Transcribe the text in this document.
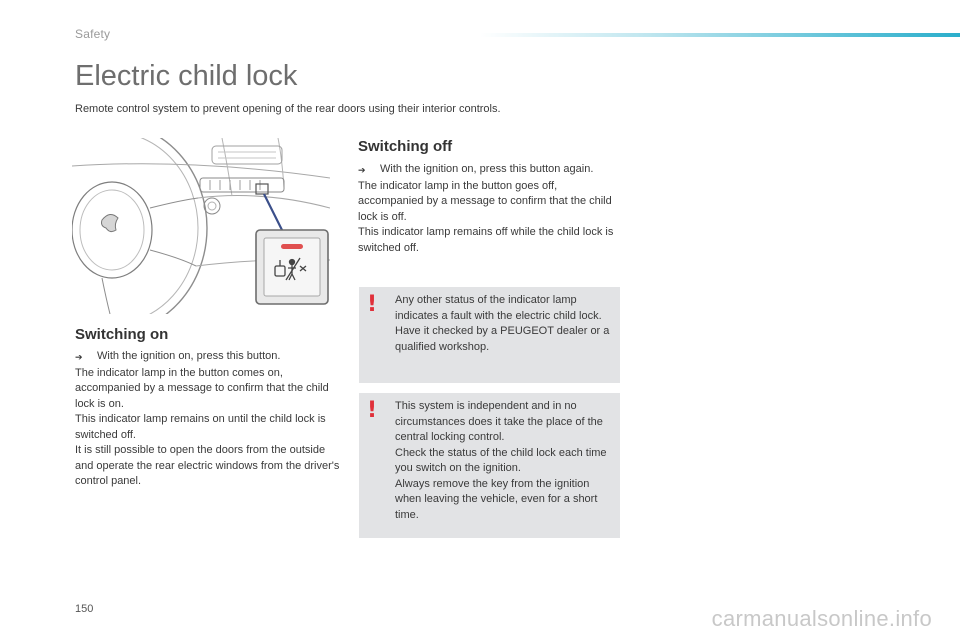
Safety
Electric child lock
Remote control system to prevent opening of the rear doors using their interior controls.
Switching on
➔	With the ignition on, press this button.

The indicator lamp in the button comes on, accompanied by a message to confirm that the child lock is on.

This indicator lamp remains on until the child lock is switched off.

It is still possible to open the doors from the outside and operate the rear electric windows from the driver's control panel.

Switching off
➔	With the ignition on, press this button again.

The indicator lamp in the button goes off, accompanied by a message to confirm that the child lock is off.

This indicator lamp remains off while the child lock is switched off.

! Any other status of the indicator lamp indicates a fault with the electric child lock.

Have it checked by a PEUGEOT dealer or a qualified workshop.

! This system is independent and in no circumstances does it take the place of the central locking control.

Check the status of the child lock each time you switch on the ignition.

Always remove the key from the ignition when leaving the vehicle, even for a short time.

150	carmanualsonline.info
